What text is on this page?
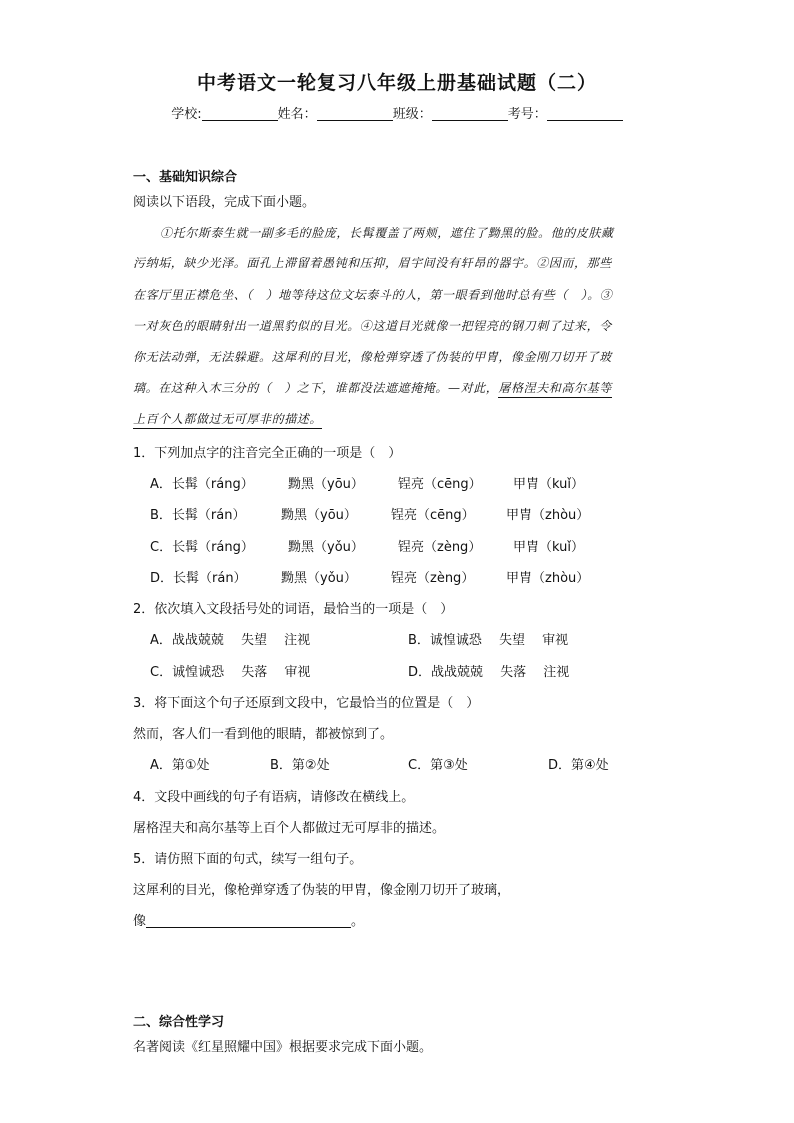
中考语文一轮复习八年级上册基础试题（二）
学校:	姓名：	班级：	考号：
一、基础知识综合
阅读以下语段，完成下面小题。
①托尔斯泰生就一副多毛的脸庞，长髯覆盖了两颊，遮住了黝黑的脸。他的皮肤藏
污纳垢，缺少光泽。面孔上滞留着愚钝和压抑，眉宇间没有轩昂的器宇。②因而，那些
在客厅里正襟危坐、（　）地等待这位文坛泰斗的人，第一眼看到他时总有些（　）。③
一对灰色的眼睛射出一道黑豹似的目光。④这道目光就像一把锃亮的钢刀刺了过来，令
你无法动弹，无法躲避。这犀利的目光，像枪弹穿透了伪装的甲胄，像金刚刀切开了玻
璃。在这种入木三分的（　）之下，谁都没法遮遮掩掩。—对此，屠格涅夫和高尔基等
上百个人都做过无可厚非的描述。
1．下列加点字的注音完全正确的一项是（　）
A．长髯（ráng）	黝黑（yōu）	锃亮（cēng） 甲胄（kuǐ）
B．长髯（rán）	黝黑（yōu）	锃亮（cēng） 甲胄（zhòu）
C．长髯（ráng）	黝黑（yǒu）	锃亮（zèng） 甲胄（kuǐ）
D．长髯（rán）	黝黑（yǒu）	锃亮（zèng） 甲胄（zhòu）
2．依次填入文段括号处的词语，最恰当的一项是（　）
A．战战兢兢　 失望　 注视	B．诚惶诚恐　 失望　 审视
C．诚惶诚恐　 失落　 审视	D．战战兢兢　 失落　 注视
3．将下面这个句子还原到文段中，它最恰当的位置是（　）
然而，客人们一看到他的眼睛，都被惊到了。
A．第①处	B．第②处	C．第③处	D．第④处
4．文段中画线的句子有语病，请修改在横线上。
屠格涅夫和高尔基等上百个人都做过无可厚非的描述。
5．请仿照下面的句式，续写一组句子。
这犀利的目光，像枪弹穿透了伪装的甲胄，像金刚刀切开了玻璃，
像	。
二、综合性学习
名著阅读《红星照耀中国》根据要求完成下面小题。
